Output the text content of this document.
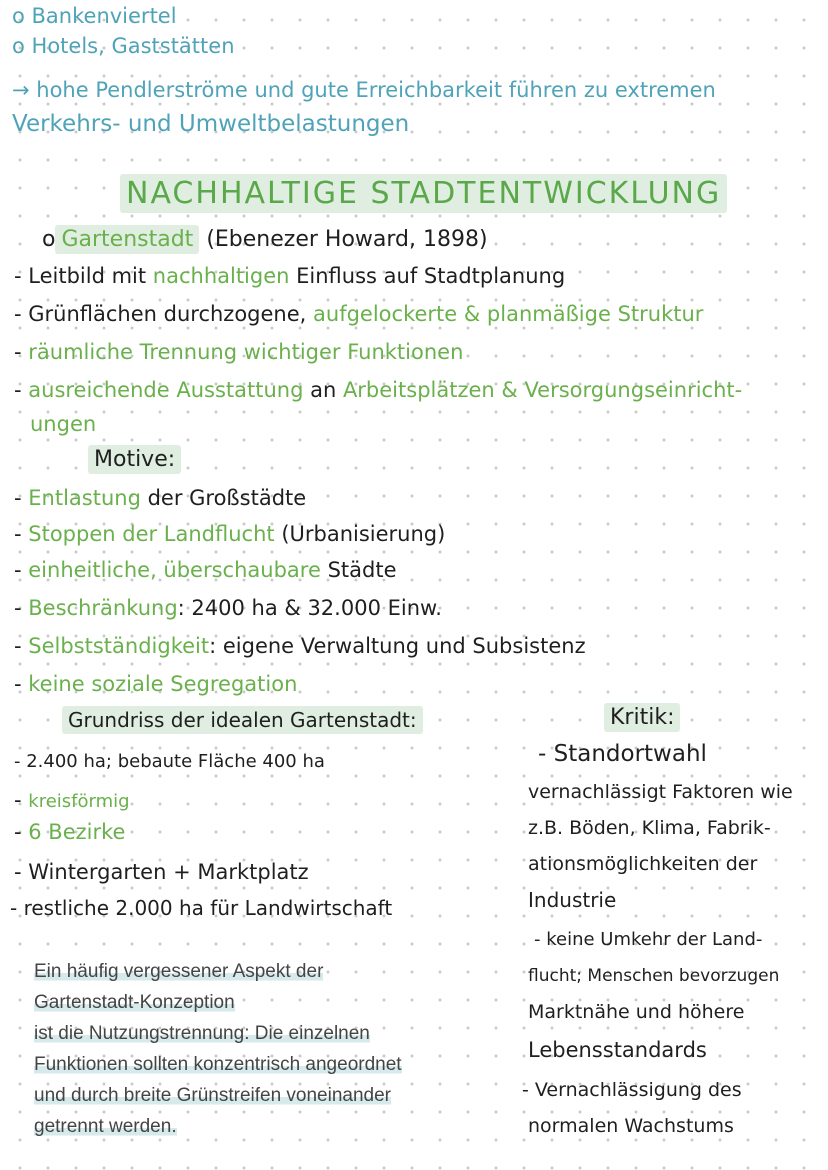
o Bankenviertel
o Hotels, Gaststätten
→ hohe Pendlerströme und gute Erreichbarkeit führen zu extremen
Verkehrs- und Umweltbelastungen
NACHHALTIGE STADTENTWICKLUNG
o Gartenstadt (Ebenezer Howard, 1898)
- Leitbild mit nachhaltigen Einfluss auf Stadtplanung
- Grünflächen durchzogene, aufgelockerte & planmäßige Struktur
- räumliche Trennung wichtiger Funktionen
- ausreichende Ausstattung an Arbeitsplätzen & Versorgungseinricht-
ungen
Motive:
- Entlastung der Großstädte
- Stoppen der Landflucht (Urbanisierung)
- einheitliche, überschaubare Städte
- Beschränkung: 2400 ha & 32.000 Einw.
- Selbstständigkeit: eigene Verwaltung und Subsistenz
- keine soziale Segregation
Grundriss der idealen Gartenstadt:
- 2.400 ha; bebaute Fläche 400 ha
- kreisförmig
- 6 Bezirke
- Wintergarten + Marktplatz
- restliche 2.000 ha für Landwirtschaft
Kritik:
- Standortwahl
vernachlässigt Faktoren wie
z.B. Böden, Klima, Fabrik-
ationsmöglichkeiten der
Industrie
- keine Umkehr der Land-
flucht; Menschen bevorzugen
Marktnähe und höhere
Lebensstandards
- Vernachlässigung des
normalen Wachstums
Ein häufig vergessener Aspekt der
Gartenstadt-Konzeption
ist die Nutzungstrennung: Die einzelnen
Funktionen sollten konzentrisch angeordnet
und durch breite Grünstreifen voneinander
getrennt werden.
